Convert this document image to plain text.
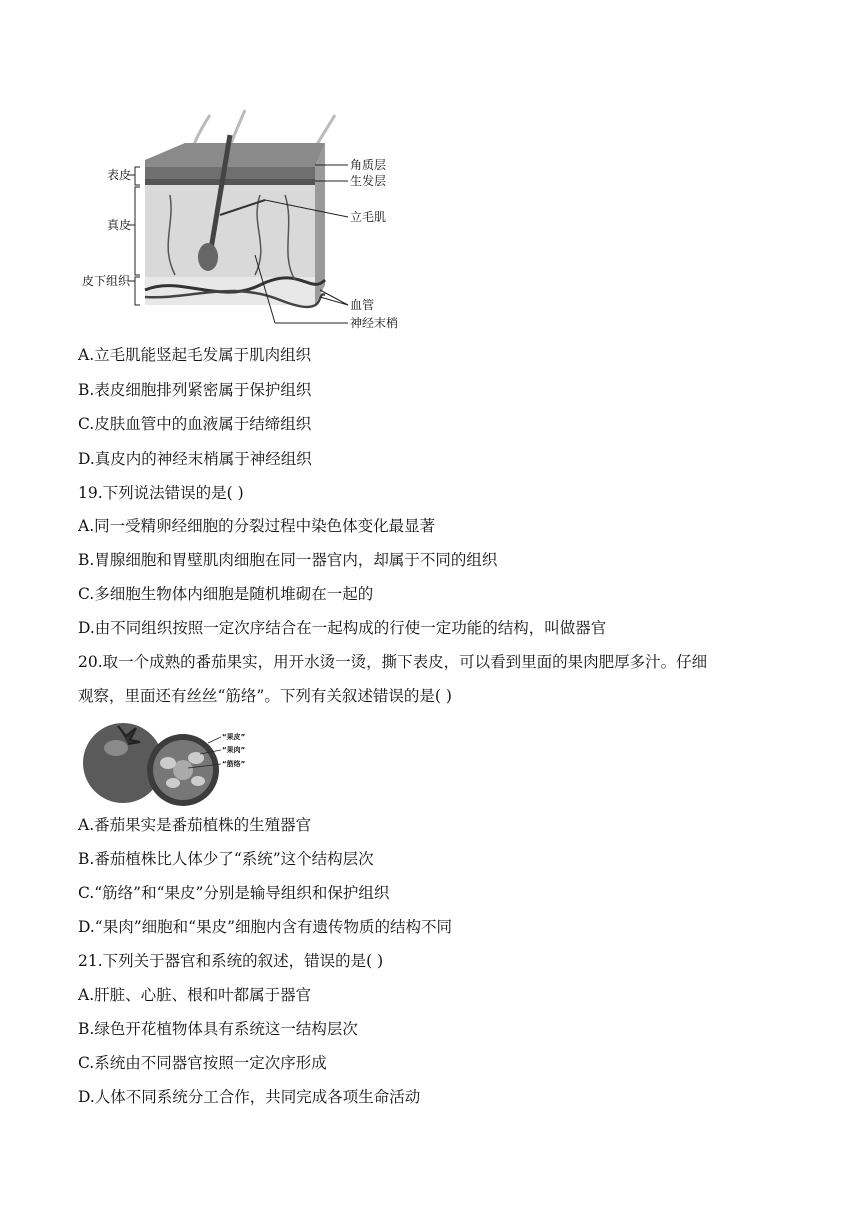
表皮
真皮
皮下组织
角质层
生发层
立毛肌
血管
神经末梢
A.立毛肌能竖起毛发属于肌肉组织
B.表皮细胞排列紧密属于保护组织
C.皮肤血管中的血液属于结缔组织
D.真皮内的神经末梢属于神经组织
19.下列说法错误的是( )
A.同一受精卵经细胞的分裂过程中染色体变化最显著
B.胃腺细胞和胃壁肌肉细胞在同一器官内，却属于不同的组织
C.多细胞生物体内细胞是随机堆砌在一起的
D.由不同组织按照一定次序结合在一起构成的行使一定功能的结构，叫做器官
20.取一个成熟的番茄果实，用开水烫一烫，撕下表皮，可以看到里面的果肉肥厚多汁。仔细
观察，里面还有丝丝“筋络”。下列有关叙述错误的是( )
“果皮”
“果肉”
“筋络”
A.番茄果实是番茄植株的生殖器官
B.番茄植株比人体少了“系统”这个结构层次
C.“筋络”和“果皮”分别是输导组织和保护组织
D.“果肉”细胞和“果皮”细胞内含有遗传物质的结构不同
21.下列关于器官和系统的叙述，错误的是( )
A.肝脏、心脏、根和叶都属于器官
B.绿色开花植物体具有系统这一结构层次
C.系统由不同器官按照一定次序形成
D.人体不同系统分工合作，共同完成各项生命活动
